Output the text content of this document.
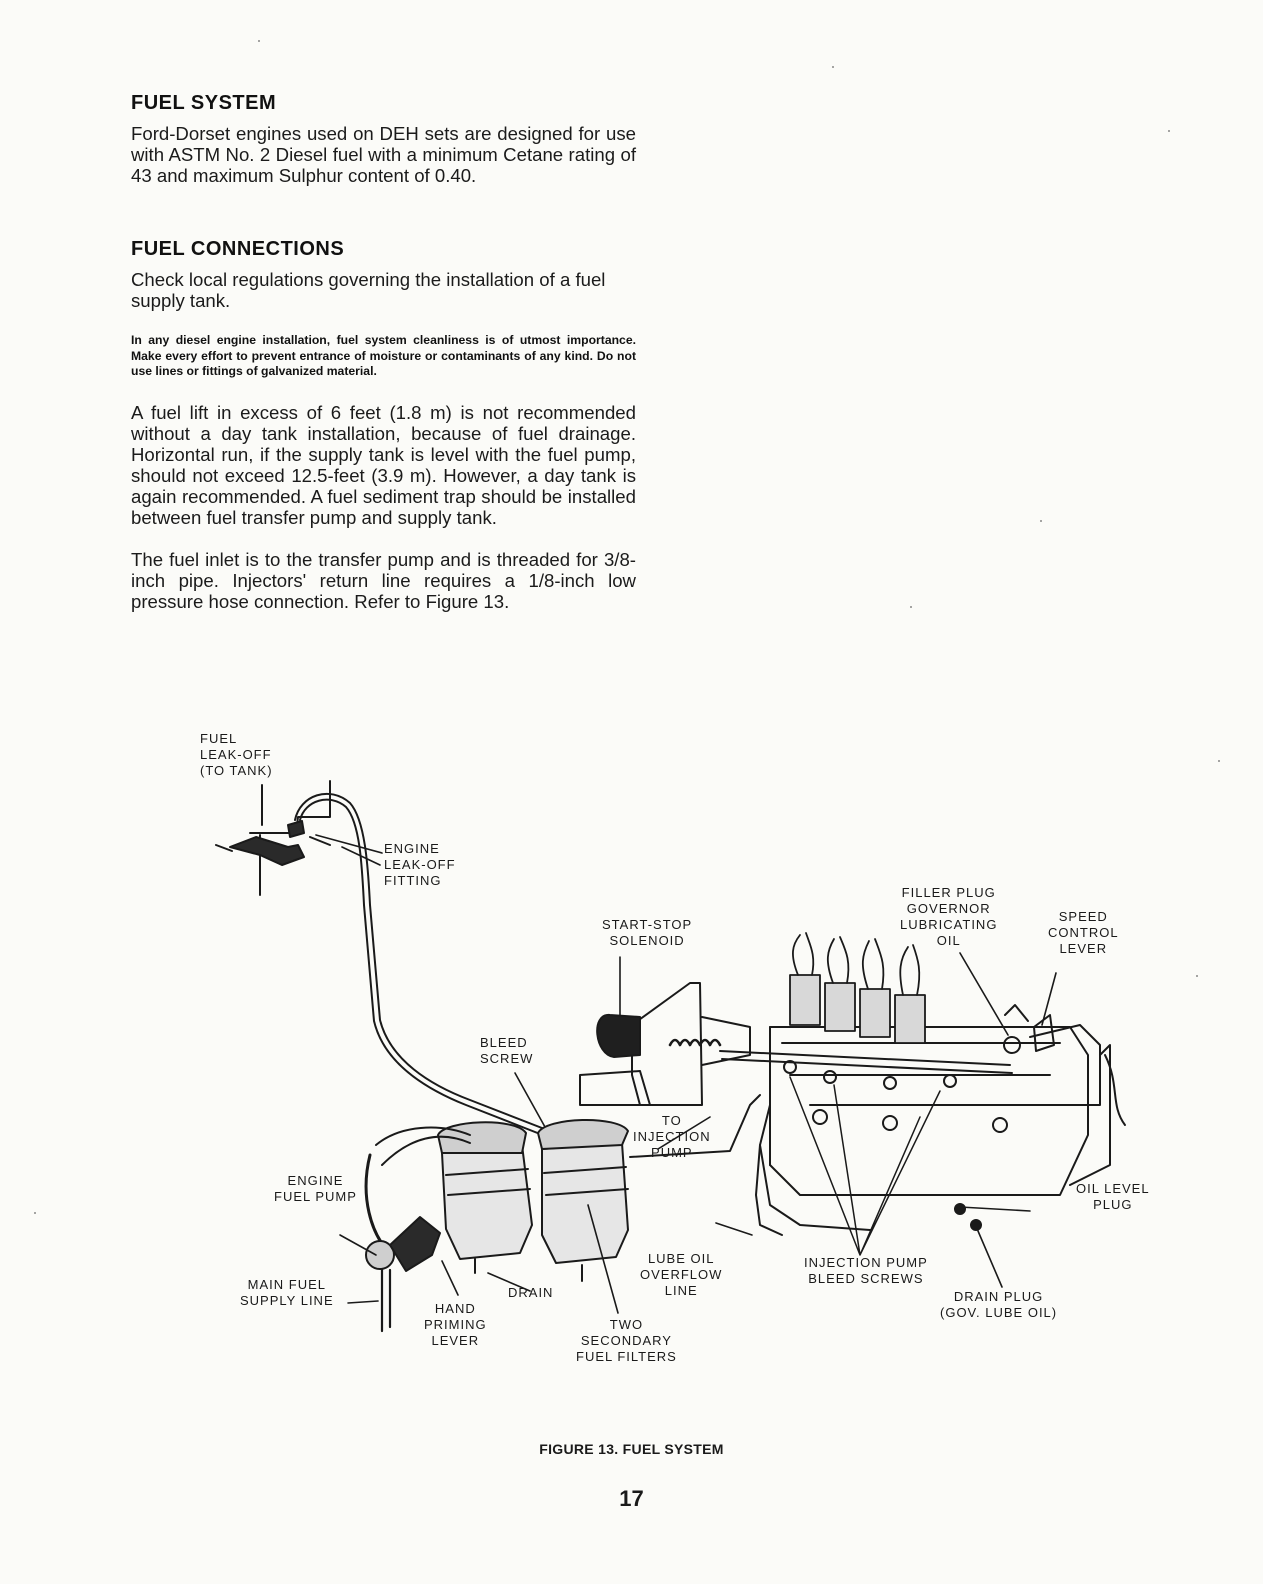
FUEL SYSTEM
Ford-Dorset engines used on DEH sets are designed for use with ASTM No. 2 Diesel fuel with a minimum Cetane rating of 43 and maximum Sulphur content of 0.40.
FUEL CONNECTIONS
Check local regulations governing the installation of a fuel supply tank.
In any diesel engine installation, fuel system cleanliness is of utmost importance. Make every effort to prevent entrance of moisture or contaminants of any kind. Do not use lines or fittings of galvanized material.
A fuel lift in excess of 6 feet (1.8 m) is not recommended without a day tank installation, because of fuel drainage. Horizontal run, if the supply tank is level with the fuel pump, should not exceed 12.5-feet (3.9 m). However, a day tank is again recommended. A fuel sediment trap should be installed between fuel transfer pump and supply tank.
The fuel inlet is to the transfer pump and is threaded for 3/8-inch pipe. Injectors' return line requires a 1/8-inch low pressure hose connection. Refer to Figure 13.
FUEL
LEAK-OFF
(TO TANK)
ENGINE
LEAK-OFF
FITTING
START-STOP
SOLENOID
FILLER PLUG
GOVERNOR
LUBRICATING
OIL
SPEED
CONTROL
LEVER
BLEED
SCREW
TO
INJECTION
PUMP
ENGINE
FUEL PUMP
OIL LEVEL
PLUG
MAIN FUEL
SUPPLY LINE
HAND
PRIMING
LEVER
DRAIN
TWO
SECONDARY
FUEL FILTERS
LUBE OIL
OVERFLOW
LINE
INJECTION PUMP
BLEED SCREWS
DRAIN PLUG
(GOV. LUBE OIL)
FIGURE 13. FUEL SYSTEM
17
